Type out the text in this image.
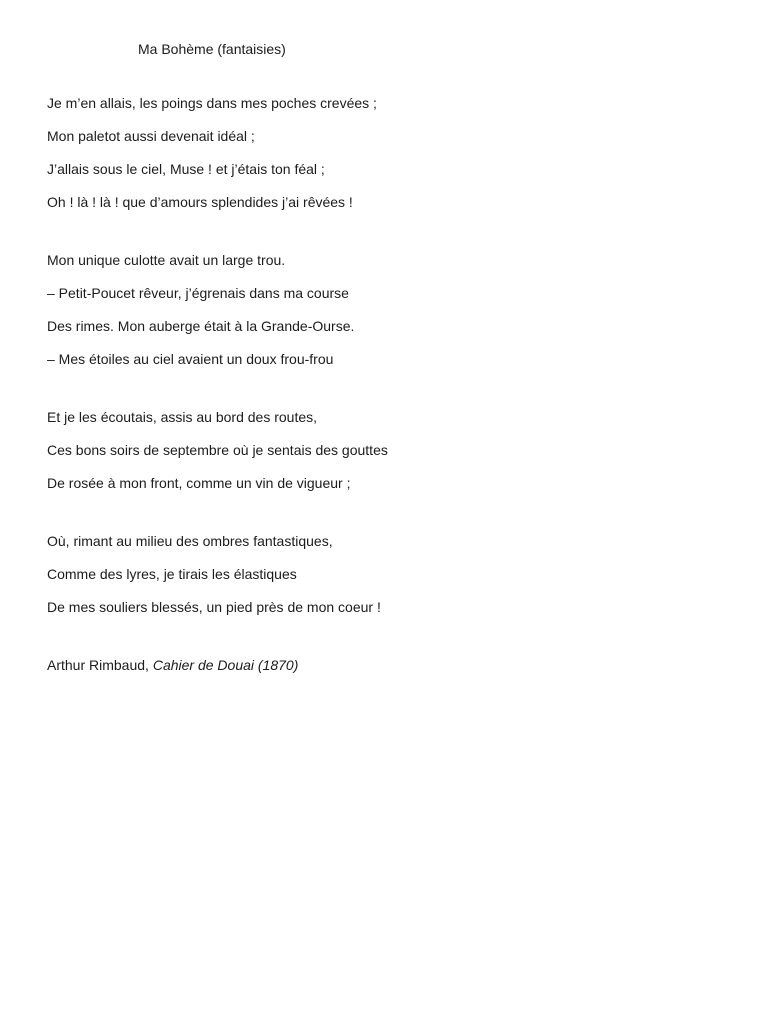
Ma Bohème (fantaisies)
Je m’en allais, les poings dans mes poches crevées ;
Mon paletot aussi devenait idéal ;
J’allais sous le ciel, Muse ! et j’étais ton féal ;
Oh ! là ! là ! que d’amours splendides j’ai rêvées !
Mon unique culotte avait un large trou.
– Petit-Poucet rêveur, j’égrenais dans ma course
Des rimes. Mon auberge était à la Grande-Ourse.
– Mes étoiles au ciel avaient un doux frou-frou
Et je les écoutais, assis au bord des routes,
Ces bons soirs de septembre où je sentais des gouttes
De rosée à mon front, comme un vin de vigueur ;
Où, rimant au milieu des ombres fantastiques,
Comme des lyres, je tirais les élastiques
De mes souliers blessés, un pied près de mon coeur !
Arthur Rimbaud, Cahier de Douai (1870)
